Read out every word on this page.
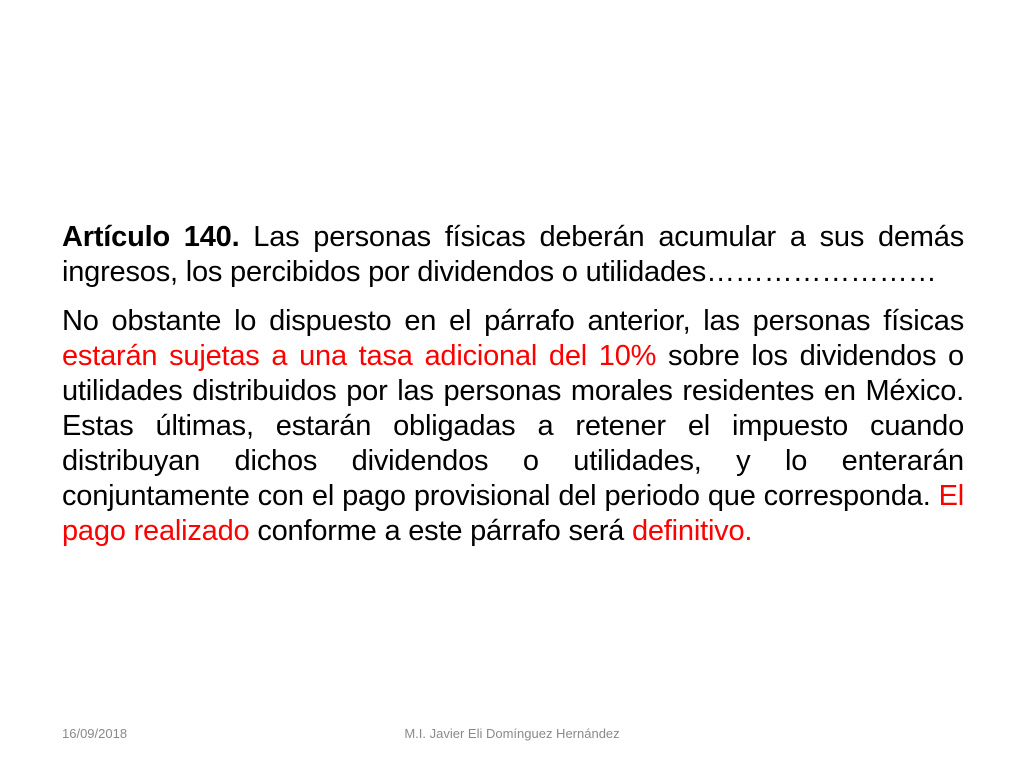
Artículo 140. Las personas físicas deberán acumular a sus demás ingresos, los percibidos por dividendos o utilidades……………………

No obstante lo dispuesto en el párrafo anterior, las personas físicas estarán sujetas a una tasa adicional del 10% sobre los dividendos o utilidades distribuidos por las personas morales residentes en México. Estas últimas, estarán obligadas a retener el impuesto cuando distribuyan dichos dividendos o utilidades, y lo enterarán conjuntamente con el pago provisional del periodo que corresponda. El pago realizado conforme a este párrafo será definitivo.

16/09/2018	M.I. Javier Eli Domínguez Hernández
